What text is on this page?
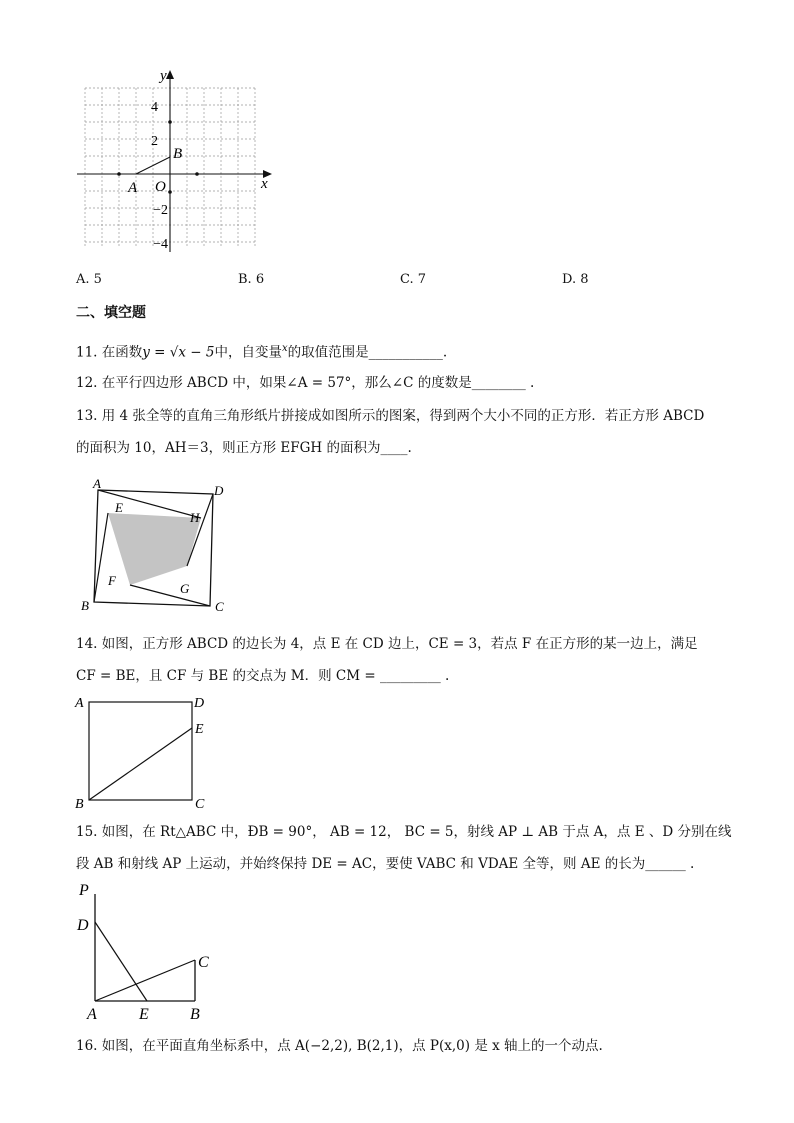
y
x
4
2
−2
−4
A
B
O
A. 5	B. 6	C. 7	D. 8
二、填空题
11. 在函数y = √x − 5中，自变量$^x$的取值范围是___________.
12. 在平行四边形 ABCD 中，如果∠A = 57°，那么∠C 的度数是________ .
13. 用 4 张全等的直角三角形纸片拼接成如图所示的图案，得到两个大小不同的正方形．若正方形 ABCD
的面积为 10，AH＝3，则正方形 EFGH 的面积为____.
A	D
B	C
E
H
F
G
14. 如图，正方形 ABCD 的边长为 4，点 E 在 CD 边上，CE = 3，若点 F 在正方形的某一边上，满足
CF = BE，且 CF 与 BE 的交点为 M．则 CM = _________ .
A	D
E
B	C
15. 如图，在 Rt△ABC 中，ÐB = 90°， AB = 12， BC = 5，射线 AP ⊥ AB 于点 A，点 E 、D 分别在线
段 AB 和射线 AP 上运动，并始终保持 DE = AC，要使 VABC 和 VDAE 全等，则 AE 的长为______ .
P
D
C
A	E	B
16. 如图，在平面直角坐标系中，点 A(−2,2), B(2,1)，点 P(x,0) 是 x 轴上的一个动点.
